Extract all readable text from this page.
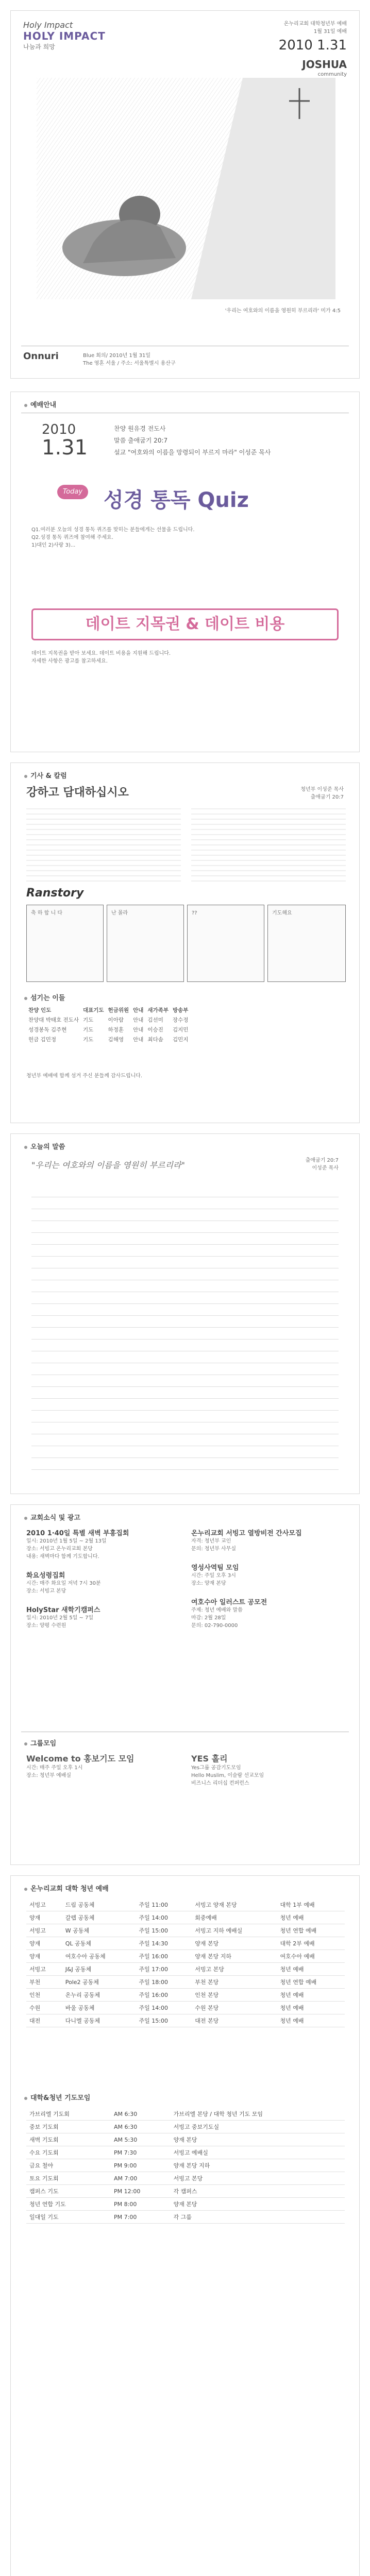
Holy Impact
HOLY IMPACT
나눔과 희망
온누리교회 대학청년부 예배
1월 31일 예배
2010 1.31
JOSHUA
community
'우리는 여호와의 이름을 영원히 부르리라' 미가 4:5
Onnuri	Blue 회의/ 2010년 1월 31일
The 영혼 서울 / 주소: 서울특별시 용산구
예배안내
2010
1.31
찬양 원유경 전도사
말씀 출애굽기 20:7
설교 "여호와의 이름을 망령되이 부르지 마라" 이성준 목사
Today 성경 통독 Quiz
Q1.여러분 오늘의 성경 통독 퀴즈를 맞히는 분들에게는 선물을 드립니다.
Q2.성경 통독 퀴즈에 참여해 주세요.
1)대인 2)사랑 3)...
데이트 지목권 & 데이트 비용
데이트 지목권을 받아 보세요. 데이트 비용을 지원해 드립니다.
자세한 사항은 광고를 참고하세요.
기사 & 칼럼
강하고 담대하십시오	청년부 이성준 목사
출애굽기 20:7
Ranstory
축 하 합 니 다	난 몰라	??	기도해요
섬기는 이들
찬양 인도	대표기도	헌금위원	안내	새가족부	방송부
찬양대 박태호 전도사	기도	이아람	안내	김선미	장수정
성경봉독 김주현	기도	하정훈	안내	이승진	김지민
헌금 김민정	기도	김해영	안내	최다솜	김민지
청년부 예배에 함께 섬겨 주신 분들께 감사드립니다.
오늘의 말씀
"우리는 여호와의 이름을 영원히 부르리라"	출애굽기 20:7
이성준 목사
교회소식 및 광고
2010 1·40일 특별 새벽 부흥집회
일시: 2010년 1월 5일 ~ 2월 13일
장소: 서빙고 온누리교회 본당
내용: 새벽마다 함께 기도합니다.
화요성령집회
시간: 매주 화요일 저녁 7시 30분
장소: 서빙고 본당
HolyStar 새학기캠퍼스
일시: 2010년 2월 5일 ~ 7일
장소: 양평 수련원
온누리교회 서빙고 열방비전 간사모집
자격: 청년부 교인
문의: 청년부 사무실
영성사역팀 모임
시간: 주일 오후 3시
장소: 양재 본당
여호수아 일러스트 공모전
주제: 청년 예배와 말씀
마감: 2월 28일
문의: 02-790-0000
그룹모임
Welcome to 홍보기도 모임
시간: 매주 주일 오후 1시
장소: 청년부 예배실
YES 홀리
Yes그룹 공감기도모임
Hello Muslim, 이슬람 선교모임
비즈니스 리더십 컨퍼런스
온누리교회 대학 청년 예배
서빙고	드림 공동체	주일 11:00	서빙고 양재 본당	대학 1부 예배
양재	갈렙 공동체	주일 14:00	회중예배	청년 예배
서빙고	W 공동체	주일 15:00	서빙고 지하 예배실	청년 연합 예배
양재	QL 공동체	주일 14:30	양재 본당	대학 2부 예배
양재	여호수아 공동체	주일 16:00	양재 본당 지하	여호수아 예배
서빙고	J&J 공동체	주일 17:00	서빙고 본당	청년 예배
부천	Pole2 공동체	주일 18:00	부천 본당	청년 연합 예배
인천	온누리 공동체	주일 16:00	인천 본당	청년 예배
수원	바울 공동체	주일 14:00	수원 본당	청년 예배
대전	다니엘 공동체	주일 15:00	대전 본당	청년 예배
대학&청년 기도모임
가브리엘 기도회	AM 6:30	가브리엘 본당 / 대학 청년 기도 모임
중보 기도회	AM 6:30	서빙고 중보기도실
새벽 기도회	AM 5:30	양재 본당
수요 기도회	PM 7:30	서빙고 예배실
금요 철야	PM 9:00	양재 본당 지하
토요 기도회	AM 7:00	서빙고 본당
캠퍼스 기도	PM 12:00	각 캠퍼스
청년 연합 기도	PM 8:00	양재 본당
일대일 기도	PM 7:00	각 그룹
